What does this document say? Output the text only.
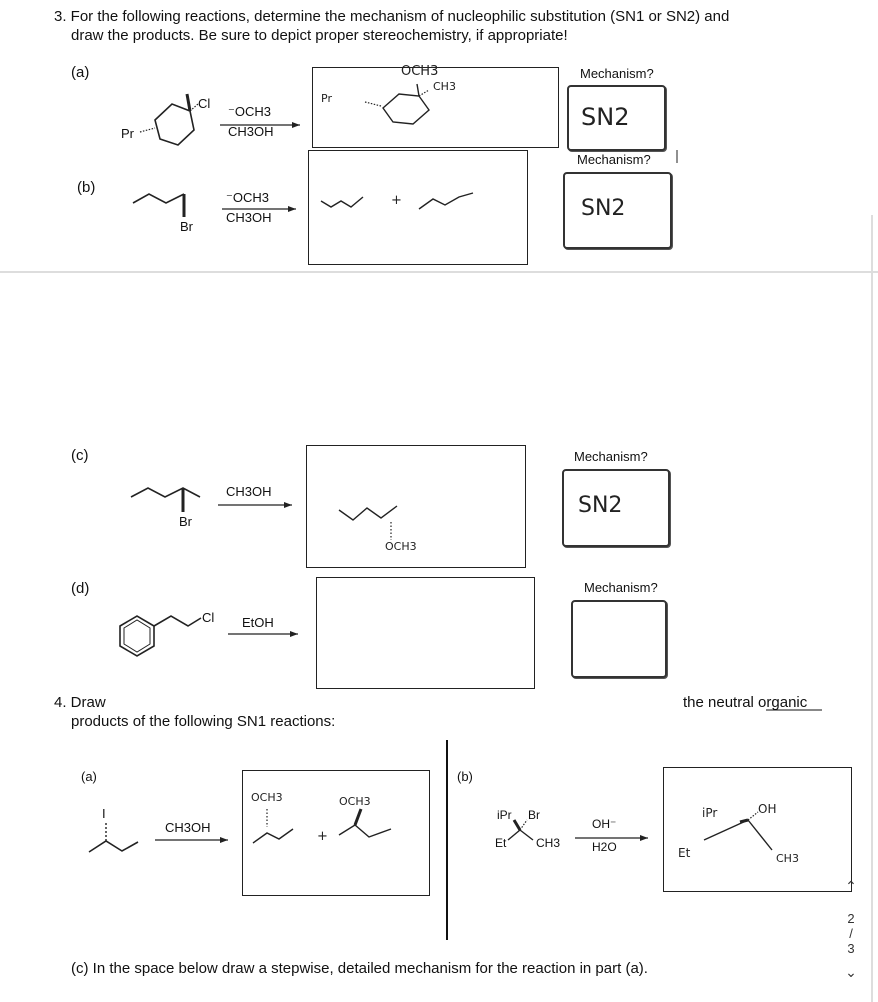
3. For the following reactions, determine the mechanism of nucleophilic substitution (SN1 or SN2) and
draw the products. Be sure to depict proper stereochemistry, if appropriate!
(a)
Cl
Pr
⁻OCH3
CH3OH
OCH3
CH3
Pr
Mechanism?
SN2
(b)
Br
⁻OCH3
CH3OH
+
Mechanism?
SN2
(c)
Br
CH3OH
OCH3
Mechanism?
SN2
(d)
Cl EtOH
Mechanism?
4. Draw	the neutral organic
products of the following SN1 reactions:
(a)
I
CH3OH
OCH3	OCH3
+
(b)
iPr Br
Et CH3
OH⁻
H2O
iPr	OH
Et	CH3
(c) In the space below draw a stepwise, detailed mechanism for the reaction in part (a).
⌃
2
/
3
⌄
